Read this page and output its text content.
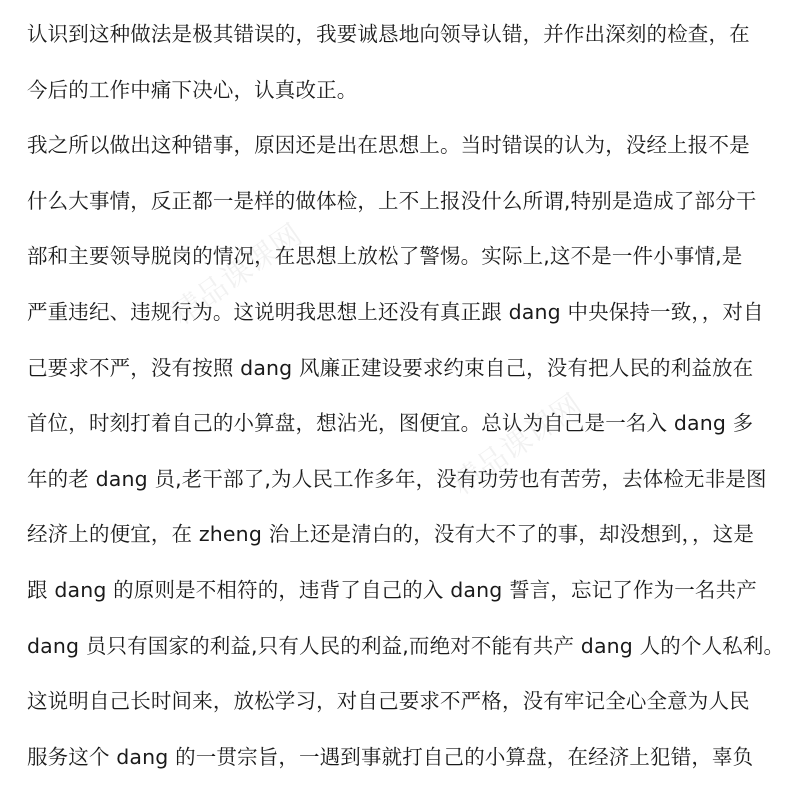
精品课课网
精品课课网
认识到这种做法是极其错误的，我要诚恳地向领导认错，并作出深刻的检查，在
今后的工作中痛下决心，认真改正。
我之所以做出这种错事，原因还是出在思想上。当时错误的认为，没经上报不是
什么大事情，反正都一是样的做体检，上不上报没什么所谓,特别是造成了部分干
部和主要领导脱岗的情况，在思想上放松了警惕。实际上,这不是一件小事情,是
严重违纪、违规行为。这说明我思想上还没有真正跟 dang 中央保持一致，，对自
己要求不严，没有按照 dang 风廉正建设要求约束自己，没有把人民的利益放在
首位，时刻打着自己的小算盘，想沾光，图便宜。总认为自己是一名入 dang 多
年的老 dang 员,老干部了,为人民工作多年，没有功劳也有苦劳，去体检无非是图
经济上的便宜，在 zheng 治上还是清白的，没有大不了的事，却没想到，，这是
跟 dang 的原则是不相符的，违背了自己的入 dang 誓言，忘记了作为一名共产
dang 员只有国家的利益,只有人民的利益,而绝对不能有共产 dang 人的个人私利。
这说明自己长时间来，放松学习，对自己要求不严格，没有牢记全心全意为人民
服务这个 dang 的一贯宗旨，一遇到事就打自己的小算盘，在经济上犯错，辜负
